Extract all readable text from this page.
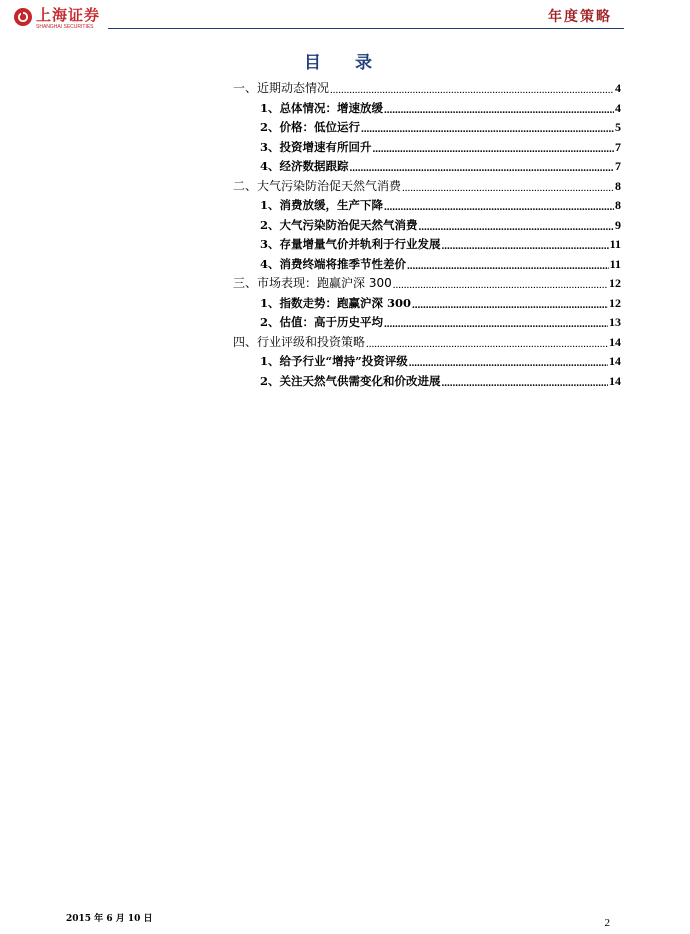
上海证券
SHANGHAI SECURITIES
年度策略
目 录
一、近期动态情况 .....	4
1、总体情况：增速放缓 .....	4
2、价格：低位运行 .....	5
3、投资增速有所回升 .....	7
4、经济数据跟踪 .....	7
二、大气污染防治促天然气消费 .....	8
1、消费放缓，生产下降 .....	8
2、大气污染防治促天然气消费 .....	9
3、存量增量气价并轨利于行业发展 .....	11
4、消费终端将推季节性差价 .....	11
三、市场表现：跑赢沪深 300 .....	12
1、指数走势：跑赢沪深 300 .....	12
2、估值：高于历史平均 .....	13
四、行业评级和投资策略 .....	14
1、给予行业“增持”投资评级 .....	14
2、关注天然气供需变化和价改进展 .....	14
2015 年 6 月 10 日	2
